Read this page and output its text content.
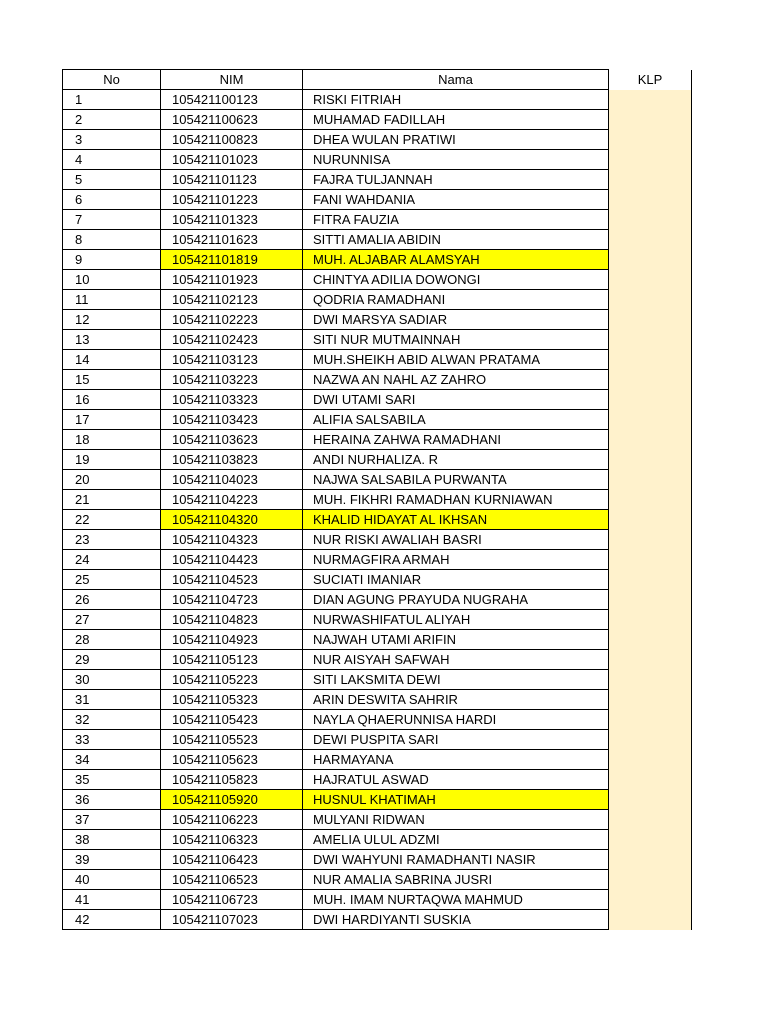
No	NIM	Nama	KLP
1	105421100123	RISKI FITRIAH	
2	105421100623	MUHAMAD FADILLAH	
3	105421100823	DHEA WULAN PRATIWI	
4	105421101023	NURUNNISA	
5	105421101123	FAJRA TULJANNAH	
6	105421101223	FANI WAHDANIA	
7	105421101323	FITRA FAUZIA	
8	105421101623	SITTI AMALIA ABIDIN	
9	105421101819	MUH. ALJABAR ALAMSYAH	
10	105421101923	CHINTYA ADILIA DOWONGI	
11	105421102123	QODRIA RAMADHANI	
12	105421102223	DWI MARSYA SADIAR	
13	105421102423	SITI NUR MUTMAINNAH	
14	105421103123	MUH.SHEIKH ABID ALWAN PRATAMA	
15	105421103223	NAZWA AN NAHL AZ ZAHRO	
16	105421103323	DWI UTAMI SARI	
17	105421103423	ALIFIA SALSABILA	
18	105421103623	HERAINA ZAHWA RAMADHANI	
19	105421103823	ANDI NURHALIZA. R	
20	105421104023	NAJWA SALSABILA PURWANTA	
21	105421104223	MUH. FIKHRI RAMADHAN KURNIAWAN	
22	105421104320	KHALID HIDAYAT AL IKHSAN	
23	105421104323	NUR RISKI AWALIAH BASRI	
24	105421104423	NURMAGFIRA ARMAH	
25	105421104523	SUCIATI IMANIAR	
26	105421104723	DIAN AGUNG PRAYUDA NUGRAHA	
27	105421104823	NURWASHIFATUL ALIYAH	
28	105421104923	NAJWAH UTAMI ARIFIN	
29	105421105123	NUR AISYAH SAFWAH	
30	105421105223	SITI LAKSMITA DEWI	
31	105421105323	ARIN DESWITA SAHRIR	
32	105421105423	NAYLA QHAERUNNISA HARDI	
33	105421105523	DEWI PUSPITA SARI	
34	105421105623	HARMAYANA	
35	105421105823	HAJRATUL ASWAD	
36	105421105920	HUSNUL KHATIMAH	
37	105421106223	MULYANI RIDWAN	
38	105421106323	AMELIA ULUL ADZMI	
39	105421106423	DWI WAHYUNI RAMADHANTI NASIR	
40	105421106523	NUR AMALIA SABRINA JUSRI	
41	105421106723	MUH. IMAM NURTAQWA MAHMUD	
42	105421107023	DWI HARDIYANTI SUSKIA	
